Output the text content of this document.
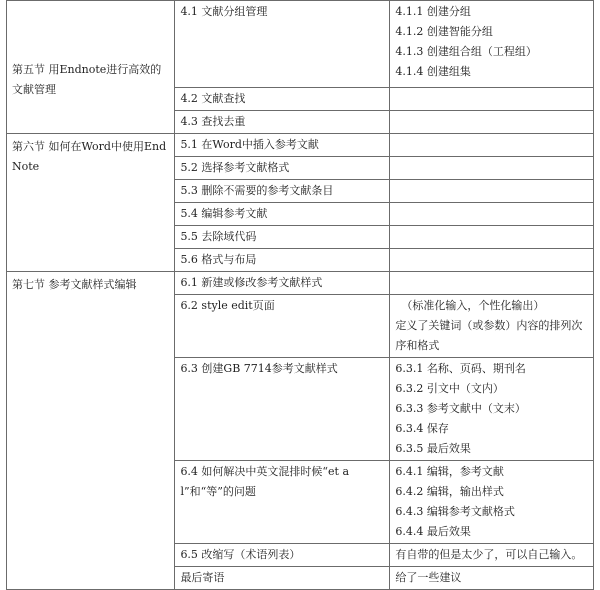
第五节 用Endnote进行高效的文献管理	4.1 文献分组管理	4.1.1 创建分组
4.1.2 创建智能分组
4.1.3 创建组合组（工程组）
4.1.4 创建组集

	4.2 文献查找	

	4.3 查找去重	

第六节 如何在Word中使用EndNote	5.1 在Word中插入参考文献	

	5.2 选择参考文献格式	

	5.3 删除不需要的参考文献条目	

	5.4 编辑参考文献	

	5.5 去除域代码	

	5.6 格式与布局	

第七节 参考文献样式编辑	6.1 新建或修改参考文献样式	

	6.2 style edit页面	（标准化输入，个性化输出）
定义了关键词（或参数）内容的排列次序和格式

	6.3 创建GB 7714参考文献样式	6.3.1 名称、页码、期刊名
6.3.2 引文中（文内）
6.3.3 参考文献中（文末）
6.3.4 保存
6.3.5 最后效果

	6.4 如何解决中英文混排时候“et al”和“等”的问题	6.4.1 编辑，参考文献
6.4.2 编辑，输出样式
6.4.3 编辑参考文献格式
6.4.4 最后效果

	6.5 改缩写（术语列表）	有自带的但是太少了，可以自己输入。

	最后寄语	给了一些建议
